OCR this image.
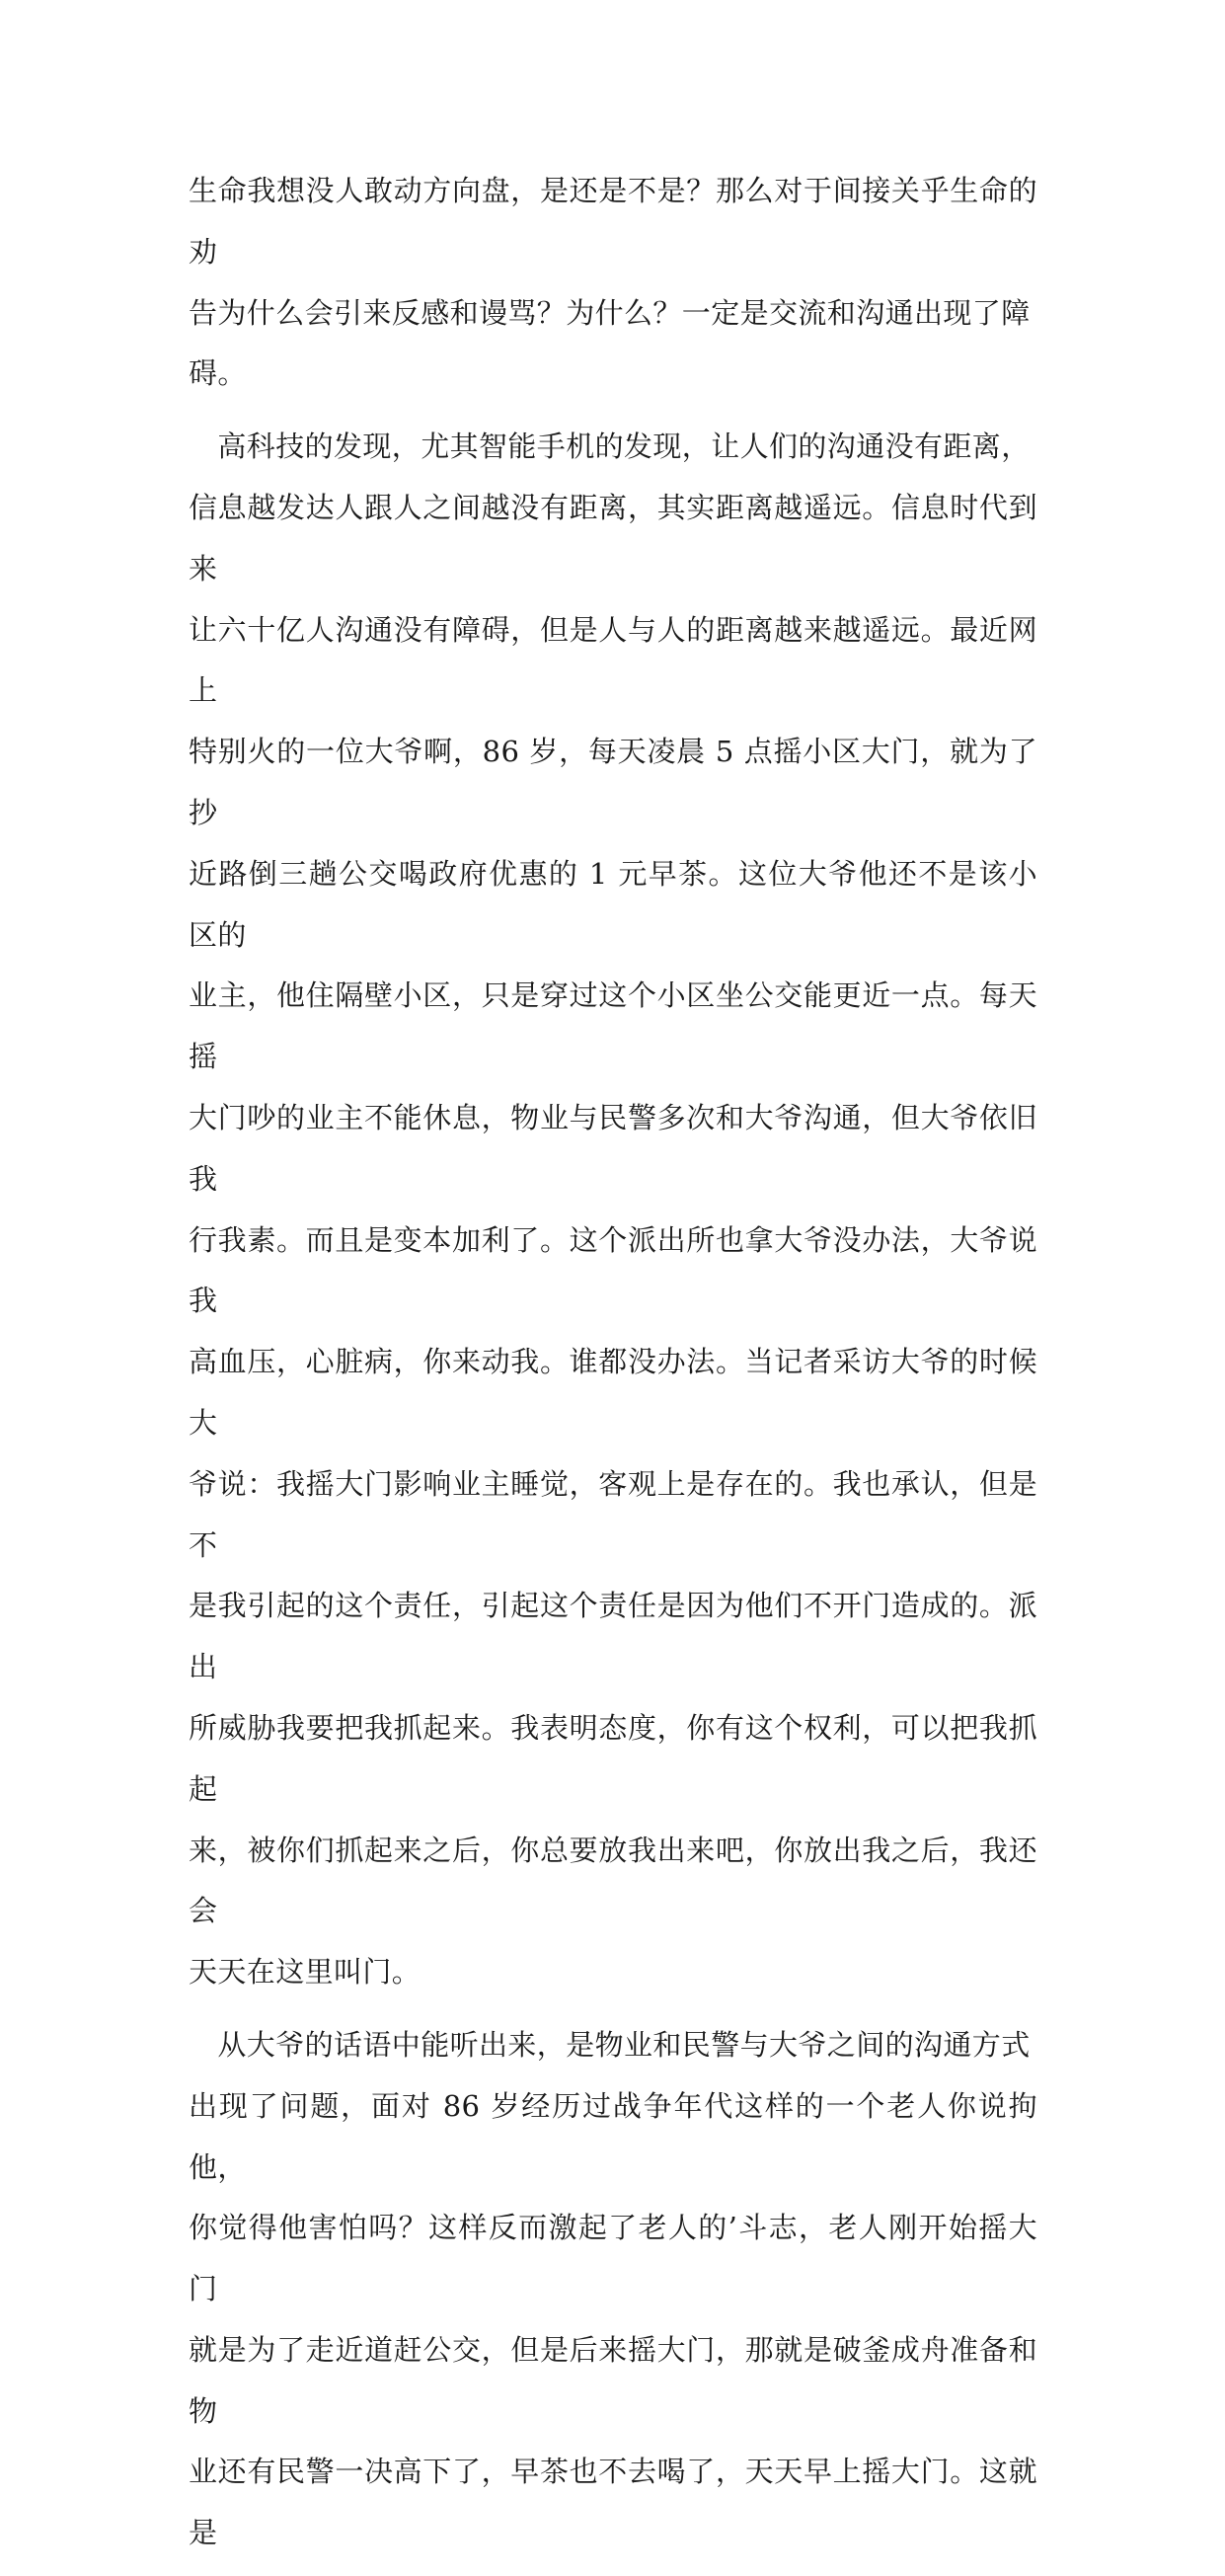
生命我想没人敢动方向盘，是还是不是？那么对于间接关乎生命的劝
告为什么会引来反感和谩骂？为什么？一定是交流和沟通出现了障
碍。

　高科技的发现，尤其智能手机的发现，让人们的沟通没有距离，
信息越发达人跟人之间越没有距离，其实距离越遥远。信息时代到来
让六十亿人沟通没有障碍，但是人与人的距离越来越遥远。最近网上
特别火的一位大爷啊，86 岁，每天凌晨 5 点摇小区大门，就为了抄
近路倒三趟公交喝政府优惠的 1 元早茶。这位大爷他还不是该小区的
业主，他住隔壁小区，只是穿过这个小区坐公交能更近一点。每天摇
大门吵的业主不能休息，物业与民警多次和大爷沟通，但大爷依旧我
行我素。而且是变本加利了。这个派出所也拿大爷没办法，大爷说我
高血压，心脏病，你来动我。谁都没办法。当记者采访大爷的时候大
爷说：我摇大门影响业主睡觉，客观上是存在的。我也承认，但是不
是我引起的这个责任，引起这个责任是因为他们不开门造成的。派出
所威胁我要把我抓起来。我表明态度，你有这个权利，可以把我抓起
来，被你们抓起来之后，你总要放我出来吧，你放出我之后，我还会
天天在这里叫门。

　从大爷的话语中能听出来，是物业和民警与大爷之间的沟通方式
出现了问题，面对 86 岁经历过战争年代这样的一个老人你说拘他，
你觉得他害怕吗？这样反而激起了老人的’斗志，老人刚开始摇大门
就是为了走近道赶公交，但是后来摇大门，那就是破釜成舟准备和物
业还有民警一决高下了，早茶也不去喝了，天天早上摇大门。这就是
